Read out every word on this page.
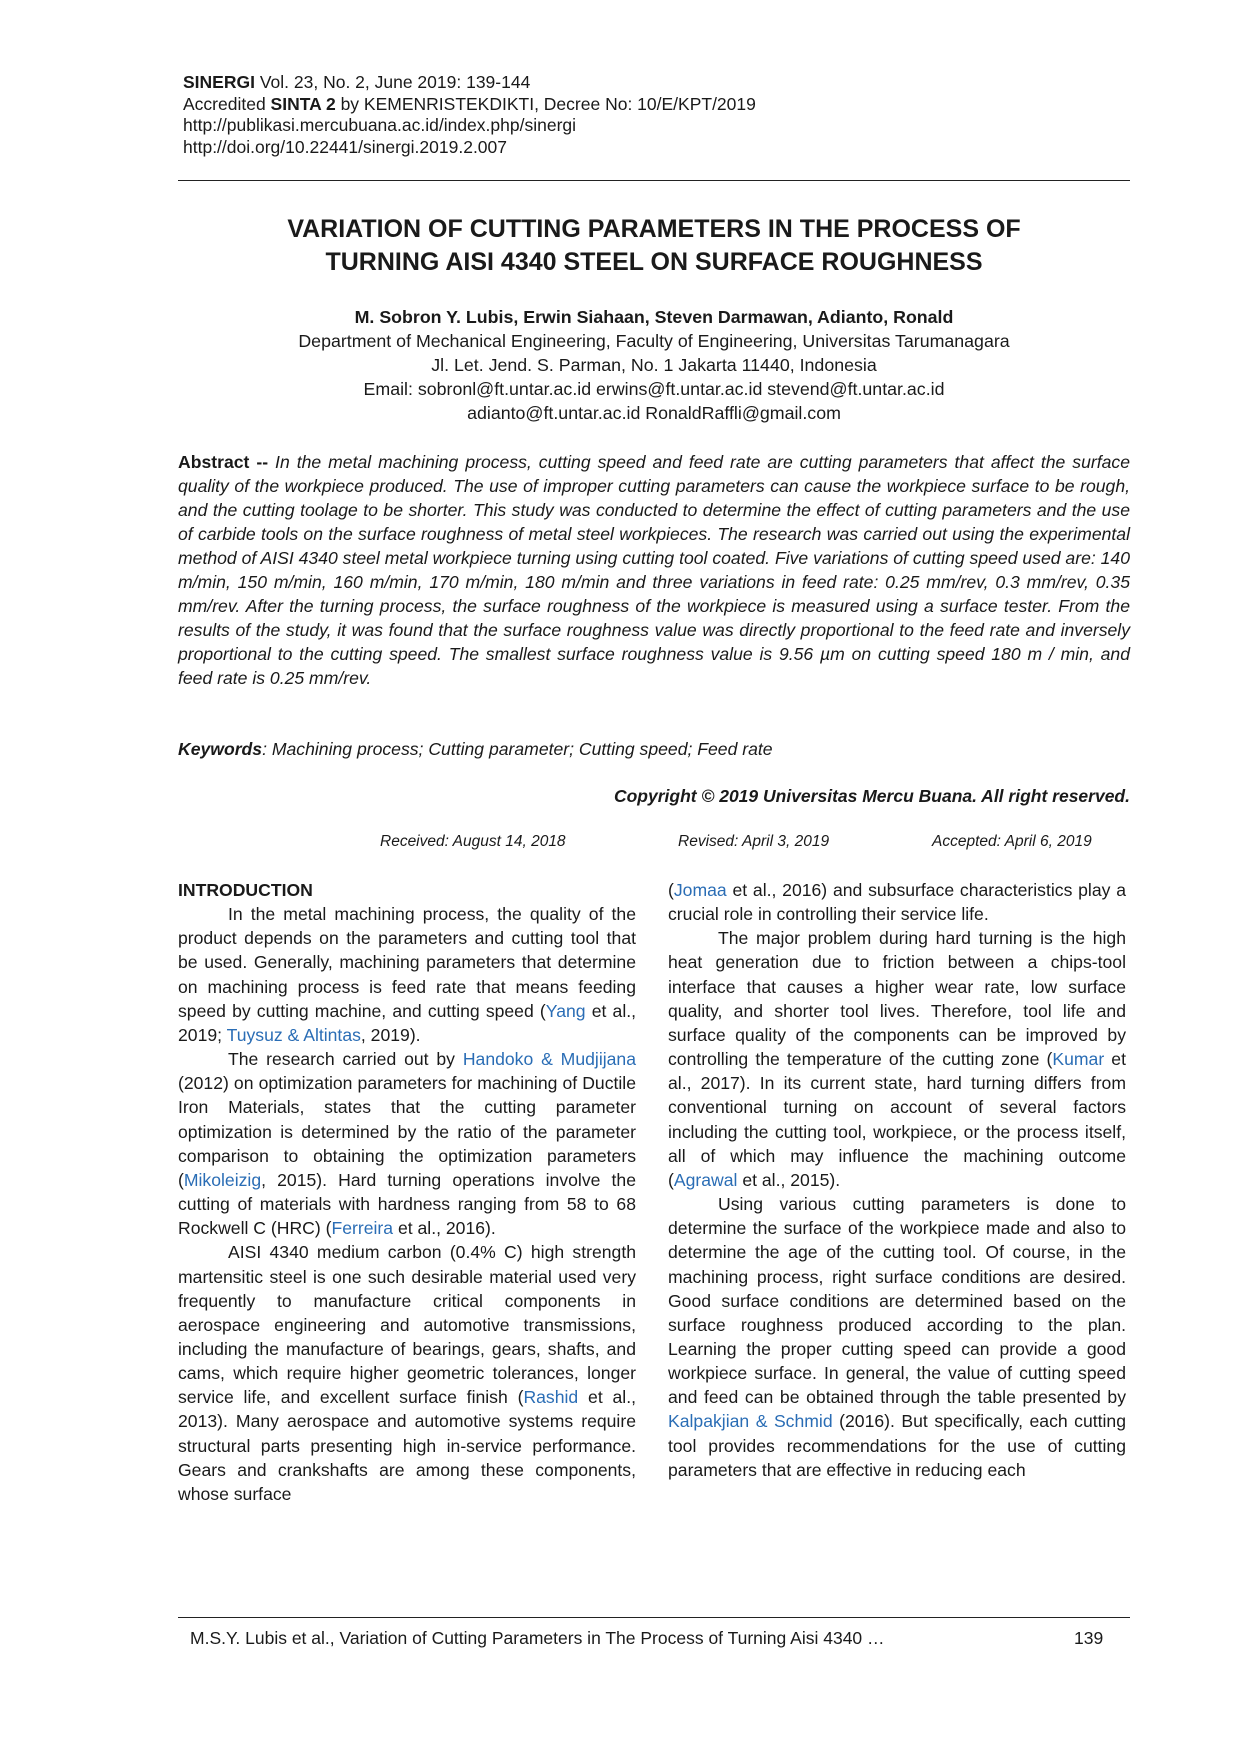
SINERGI Vol. 23, No. 2, June 2019: 139-144
Accredited SINTA 2 by KEMENRISTEKDIKTI, Decree No: 10/E/KPT/2019
http://publikasi.mercubuana.ac.id/index.php/sinergi
http://doi.org/10.22441/sinergi.2019.2.007
VARIATION OF CUTTING PARAMETERS IN THE PROCESS OF
TURNING AISI 4340 STEEL ON SURFACE ROUGHNESS
M. Sobron Y. Lubis, Erwin Siahaan, Steven Darmawan, Adianto, Ronald
Department of Mechanical Engineering, Faculty of Engineering, Universitas Tarumanagara
Jl. Let. Jend. S. Parman, No. 1 Jakarta 11440, Indonesia
Email: sobronl@ft.untar.ac.id erwins@ft.untar.ac.id stevend@ft.untar.ac.id
adianto@ft.untar.ac.id RonaldRaffli@gmail.com
Abstract -- In the metal machining process, cutting speed and feed rate are cutting parameters that affect the surface quality of the workpiece produced. The use of improper cutting parameters can cause the workpiece surface to be rough, and the cutting toolage to be shorter. This study was conducted to determine the effect of cutting parameters and the use of carbide tools on the surface roughness of metal steel workpieces. The research was carried out using the experimental method of AISI 4340 steel metal workpiece turning using cutting tool coated. Five variations of cutting speed used are: 140 m/min, 150 m/min, 160 m/min, 170 m/min, 180 m/min and three variations in feed rate: 0.25 mm/rev, 0.3 mm/rev, 0.35 mm/rev. After the turning process, the surface roughness of the workpiece is measured using a surface tester. From the results of the study, it was found that the surface roughness value was directly proportional to the feed rate and inversely proportional to the cutting speed. The smallest surface roughness value is 9.56 µm on cutting speed 180 m / min, and feed rate is 0.25 mm/rev.
Keywords: Machining process; Cutting parameter; Cutting speed; Feed rate
Copyright © 2019 Universitas Mercu Buana. All right reserved.
Received: August 14, 2018	Revised: April 3, 2019	Accepted: April 6, 2019

INTRODUCTION

In the metal machining process, the quality of the product depends on the parameters and cutting tool that be used. Generally, machining parameters that determine on machining process is feed rate that means feeding speed by cutting machine, and cutting speed (Yang et al., 2019; Tuysuz & Altintas, 2019).

The research carried out by Handoko & Mudjijana (2012) on optimization parameters for machining of Ductile Iron Materials, states that the cutting parameter optimization is determined by the ratio of the parameter comparison to obtaining the optimization parameters (Mikoleizig, 2015). Hard turning operations involve the cutting of materials with hardness ranging from 58 to 68 Rockwell C (HRC) (Ferreira et al., 2016).

AISI 4340 medium carbon (0.4% C) high strength martensitic steel is one such desirable material used very frequently to manufacture critical components in aerospace engineering and automotive transmissions, including the manufacture of bearings, gears, shafts, and cams, which require higher geometric tolerances, longer service life, and excellent surface finish (Rashid et al., 2013). Many aerospace and automotive systems require structural parts presenting high in-service performance. Gears and crankshafts are among these components, whose surface

(Jomaa et al., 2016) and subsurface characteristics play a crucial role in controlling their service life.

The major problem during hard turning is the high heat generation due to friction between a chips-tool interface that causes a higher wear rate, low surface quality, and shorter tool lives. Therefore, tool life and surface quality of the components can be improved by controlling the temperature of the cutting zone (Kumar et al., 2017). In its current state, hard turning differs from conventional turning on account of several factors including the cutting tool, workpiece, or the process itself, all of which may influence the machining outcome (Agrawal et al., 2015).

Using various cutting parameters is done to determine the surface of the workpiece made and also to determine the age of the cutting tool. Of course, in the machining process, right surface conditions are desired. Good surface conditions are determined based on the surface roughness produced according to the plan. Learning the proper cutting speed can provide a good workpiece surface. In general, the value of cutting speed and feed can be obtained through the table presented by Kalpakjian & Schmid (2016). But specifically, each cutting tool provides recommendations for the use of cutting parameters that are effective in reducing each

M.S.Y. Lubis et al., Variation of Cutting Parameters in The Process of Turning Aisi 4340 …	139
